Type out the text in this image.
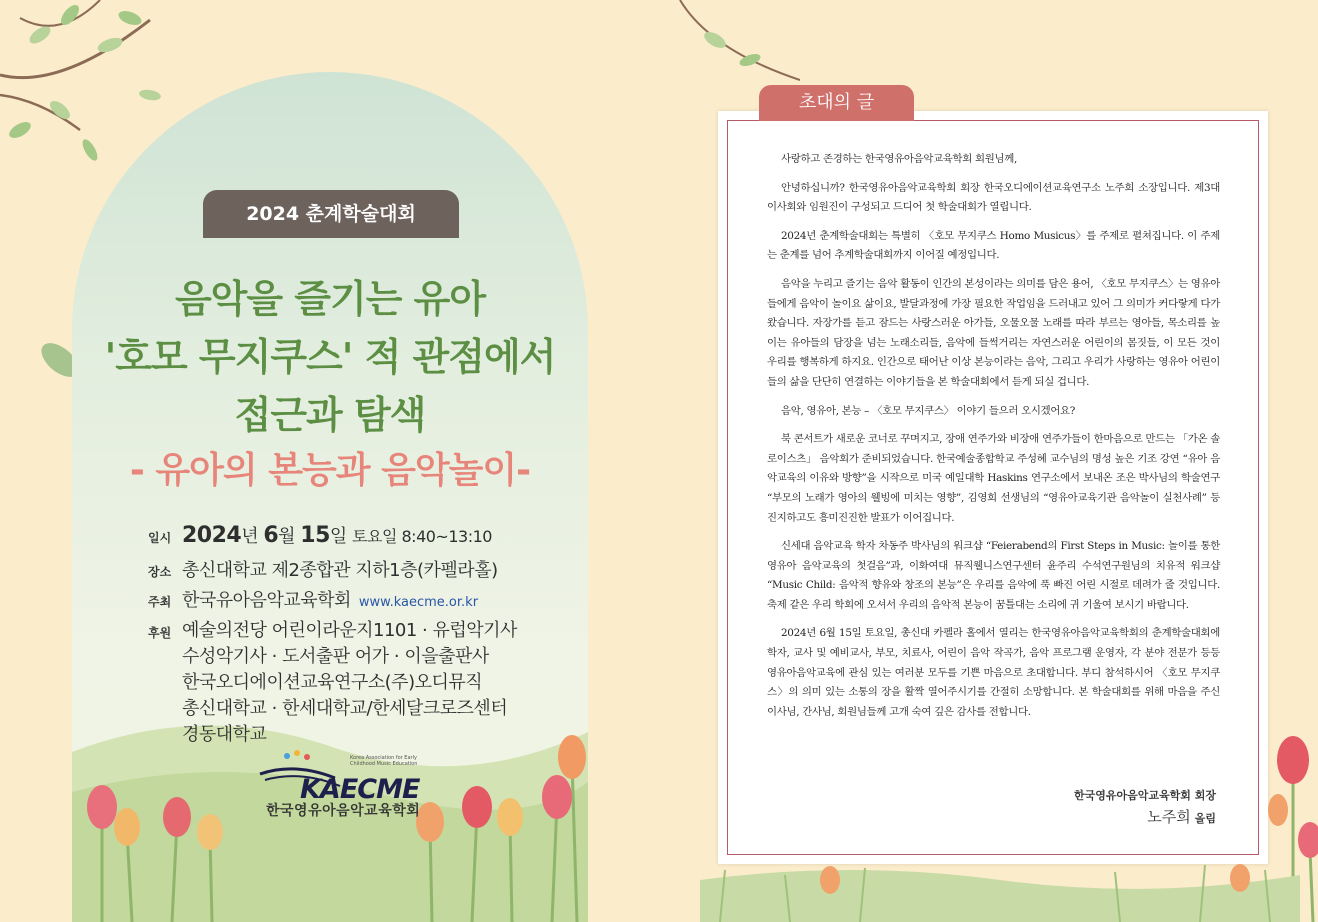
2024 춘계학술대회
음악을 즐기는 유아
'호모 무지쿠스' 적 관점에서
접근과 탐색
- 유아의 본능과 음악놀이-
일시 2024년 6월 15일 토요일 8:40~13:10
장소 총신대학교 제2종합관 지하1층(카펠라홀)
주최 한국유아음악교육학회 www.kaecme.or.kr
후원 예술의전당 어린이라운지1101 · 유럽악기사
수성악기사 · 도서출판 어가 · 이을출판사
한국오디에이션교육연구소(주)오디뮤직
총신대학교 · 한세대학교/한세달크로즈센터
경동대학교
Korea Association for Early Childhood Music Education
KAECME
한국영유아음악교육학회
초대의 글

사랑하고 존경하는 한국영유아음악교육학회 회원님께,

안녕하십니까? 한국영유아음악교육학회 회장 한국오디에이션교육연구소 노주희 소장입니다. 제3대 이사회와 임원진이 구성되고 드디어 첫 학술대회가 열립니다.

2024년 춘계학술대회는 특별히 〈호모 무지쿠스 Homo Musicus〉를 주제로 펼쳐집니다. 이 주제는 춘계를 넘어 추계학술대회까지 이어질 예정입니다.

음악을 누리고 즐기는 음악 활동이 인간의 본성이라는 의미를 담은 용어, 〈호모 무지쿠스〉는 영유아들에게 음악이 놀이요 삶이요, 발달과정에 가장 필요한 작업임을 드러내고 있어 그 의미가 커다랗게 다가왔습니다. 자장가를 듣고 잠드는 사랑스러운 아가들, 오물오물 노래를 따라 부르는 영아들, 목소리를 높이는 유아들의 담장을 넘는 노래소리들, 음악에 들썩거리는 자연스러운 어린이의 몸짓들, 이 모든 것이 우리를 행복하게 하지요. 인간으로 태어난 이상 본능이라는 음악, 그리고 우리가 사랑하는 영유아 어린이들의 삶을 단단히 연결하는 이야기들을 본 학술대회에서 듣게 되실 겁니다.

음악, 영유아, 본능 – 〈호모 무지쿠스〉 이야기 들으러 오시겠어요?

북 콘서트가 새로운 코너로 꾸며지고, 장애 연주가와 비장애 연주가들이 한마음으로 만드는 「가온 솔로이스츠」 음악회가 준비되었습니다. 한국예술종합학교 주성혜 교수님의 명성 높은 기조 강연 “유아 음악교육의 이유와 방향”을 시작으로 미국 예일대학 Haskins 연구소에서 보내온 조은 박사님의 학술연구 “부모의 노래가 영아의 웰빙에 미치는 영향”, 김영희 선생님의 “영유아교육기관 음악놀이 실천사례” 등 진지하고도 흥미진진한 발표가 이어집니다.

신세대 음악교육 학자 차동주 박사님의 워크샵 “Feierabend의 First Steps in Music: 놀이를 통한 영유아 음악교육의 첫걸음”과, 이화여대 뮤직웰니스연구센터 윤주리 수석연구원님의 치유적 워크샵 “Music Child: 음악적 향유와 창조의 본능”은 우리를 음악에 푹 빠진 어린 시절로 데려가 줄 것입니다. 축제 같은 우리 학회에 오셔서 우리의 음악적 본능이 꿈틀대는 소리에 귀 기울여 보시기 바랍니다.

2024년 6월 15일 토요일, 총신대 카펠라 홀에서 열리는 한국영유아음악교육학회의 춘계학술대회에 학자, 교사 및 예비교사, 부모, 치료사, 어린이 음악 작곡가, 음악 프로그램 운영자, 각 분야 전문가 등등 영유아음악교육에 관심 있는 여러분 모두를 기쁜 마음으로 초대합니다. 부디 참석하시어 〈호모 무지쿠스〉의 의미 있는 소통의 장을 활짝 열어주시기를 간절히 소망합니다. 본 학술대회를 위해 마음을 주신 이사님, 간사님, 회원님들께 고개 숙여 깊은 감사를 전합니다.

한국영유아음악교육학회 회장
노주희 올림
